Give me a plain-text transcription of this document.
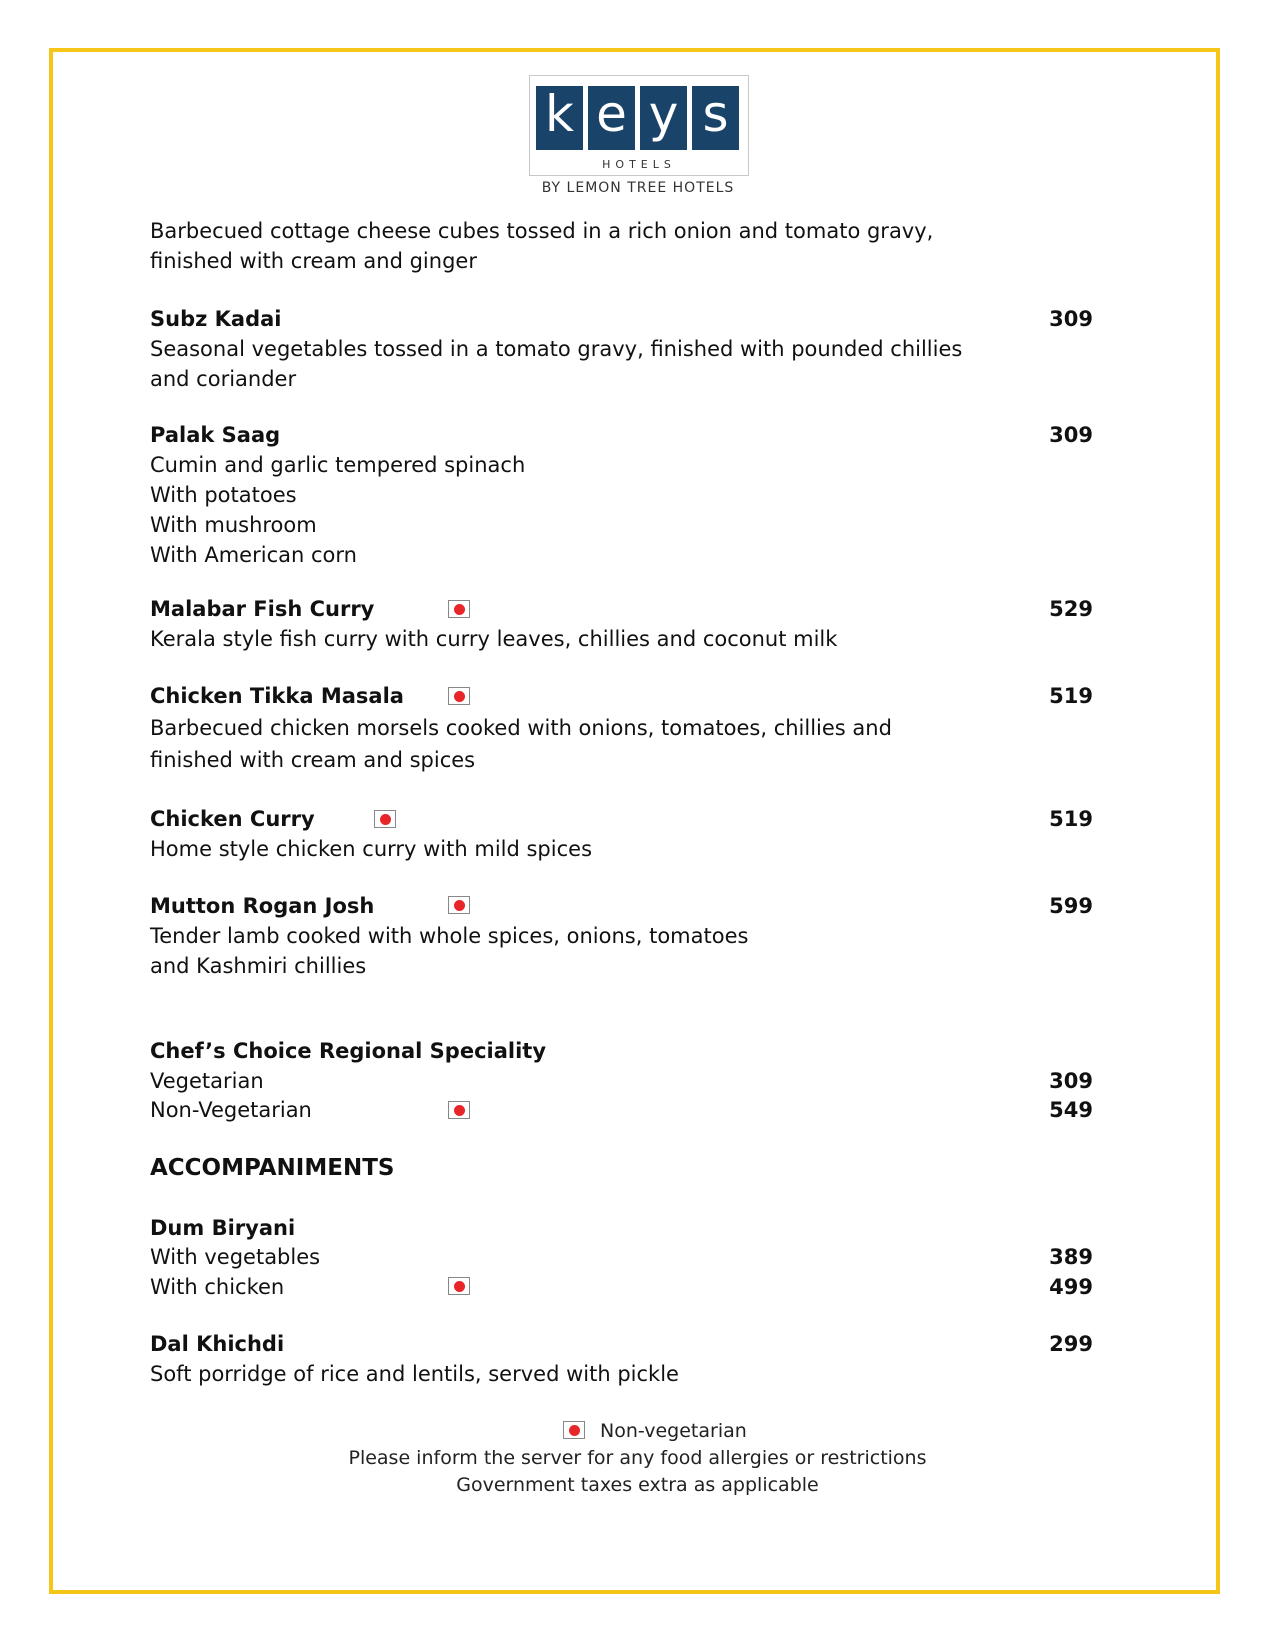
k e y s
HOTELS
BY LEMON TREE HOTELS
Barbecued cottage cheese cubes tossed in a rich onion and tomato gravy,
finished with cream and ginger
Subz Kadai	309
Seasonal vegetables tossed in a tomato gravy, finished with pounded chillies
and coriander
Palak Saag	309
Cumin and garlic tempered spinach
With potatoes
With mushroom
With American corn
Malabar Fish Curry	529
Kerala style fish curry with curry leaves, chillies and coconut milk
Chicken Tikka Masala	519
Barbecued chicken morsels cooked with onions, tomatoes, chillies and
finished with cream and spices
Chicken Curry	519
Home style chicken curry with mild spices
Mutton Rogan Josh	599
Tender lamb cooked with whole spices, onions, tomatoes
and Kashmiri chillies
Chef’s Choice Regional Speciality
Vegetarian	309
Non-Vegetarian	549
ACCOMPANIMENTS
Dum Biryani
With vegetables	389
With chicken	499
Dal Khichdi	299
Soft porridge of rice and lentils, served with pickle
Non-vegetarian
Please inform the server for any food allergies or restrictions
Government taxes extra as applicable
